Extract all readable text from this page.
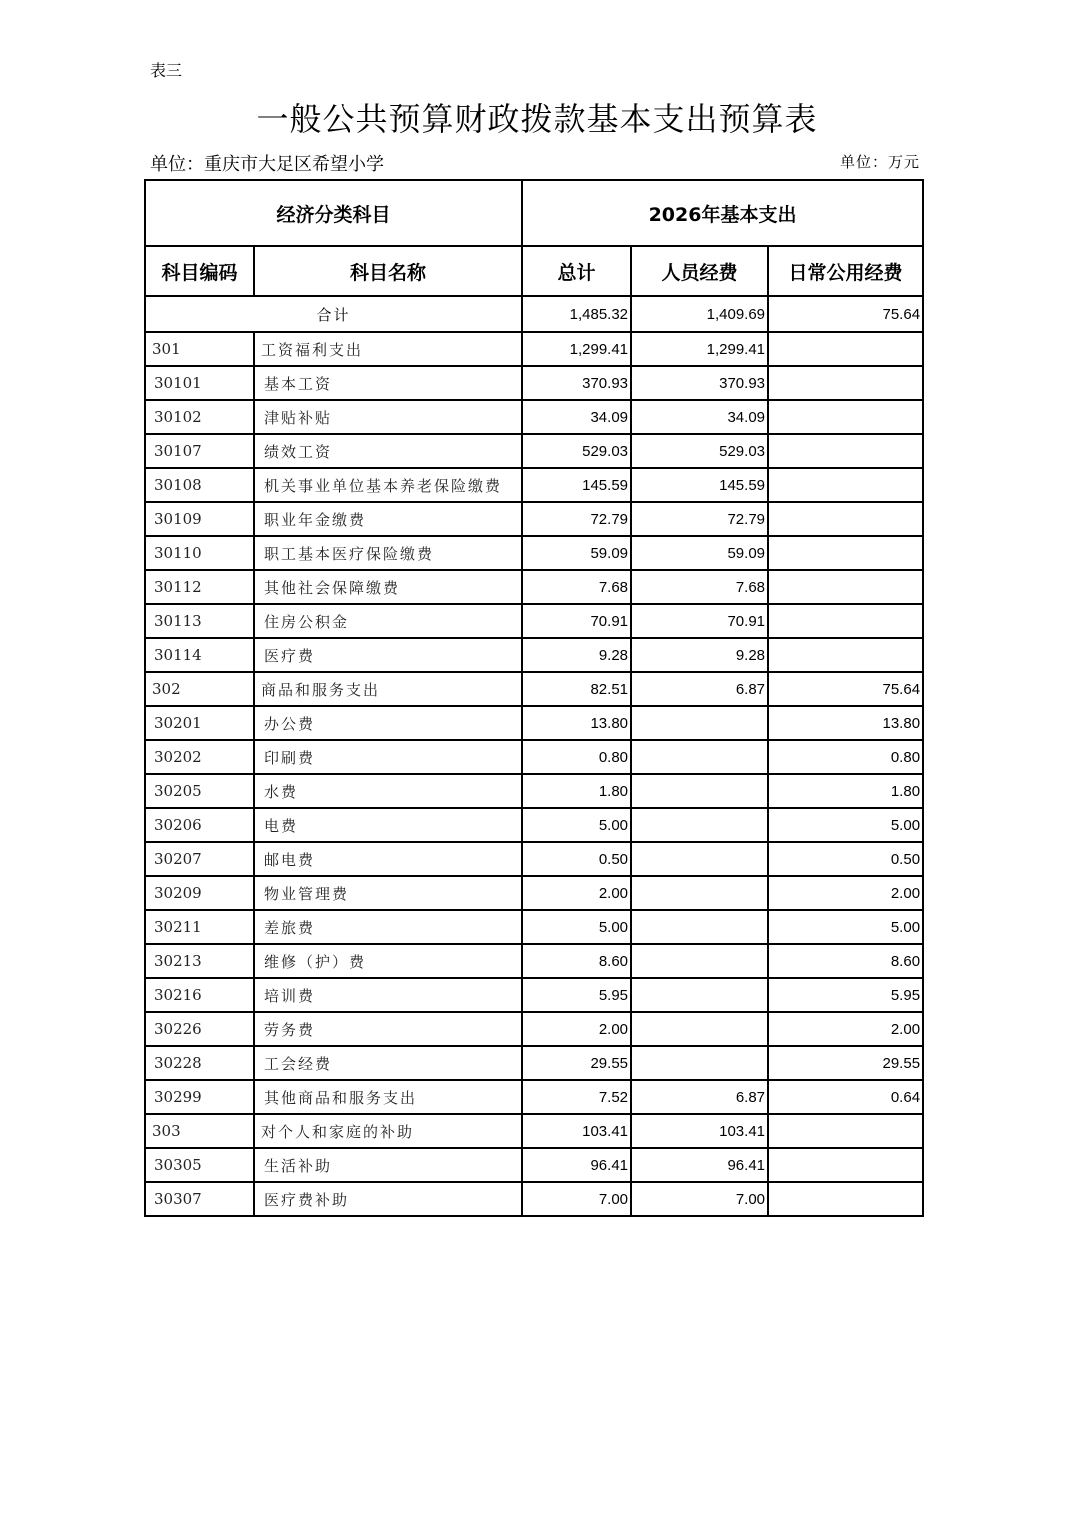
表三
一般公共预算财政拨款基本支出预算表
单位：重庆市大足区希望小学	单位：万元
经济分类科目		2026年基本支出		
科目编码	科目名称	总计	人员经费	日常公用经费
合计		1,485.32	1,409.69	75.64
301	工资福利支出	1,299.41	1,299.41	
30101	基本工资	370.93	370.93	
30102	津贴补贴	34.09	34.09	
30107	绩效工资	529.03	529.03	
30108	机关事业单位基本养老保险缴费	145.59	145.59	
30109	职业年金缴费	72.79	72.79	
30110	职工基本医疗保险缴费	59.09	59.09	
30112	其他社会保障缴费	7.68	7.68	
30113	住房公积金	70.91	70.91	
30114	医疗费	9.28	9.28	
302	商品和服务支出	82.51	6.87	75.64
30201	办公费	13.80		13.80
30202	印刷费	0.80		0.80
30205	水费	1.80		1.80
30206	电费	5.00		5.00
30207	邮电费	0.50		0.50
30209	物业管理费	2.00		2.00
30211	差旅费	5.00		5.00
30213	维修（护）费	8.60		8.60
30216	培训费	5.95		5.95
30226	劳务费	2.00		2.00
30228	工会经费	29.55		29.55
30299	其他商品和服务支出	7.52	6.87	0.64
303	对个人和家庭的补助	103.41	103.41	
30305	生活补助	96.41	96.41	
30307	医疗费补助	7.00	7.00	
